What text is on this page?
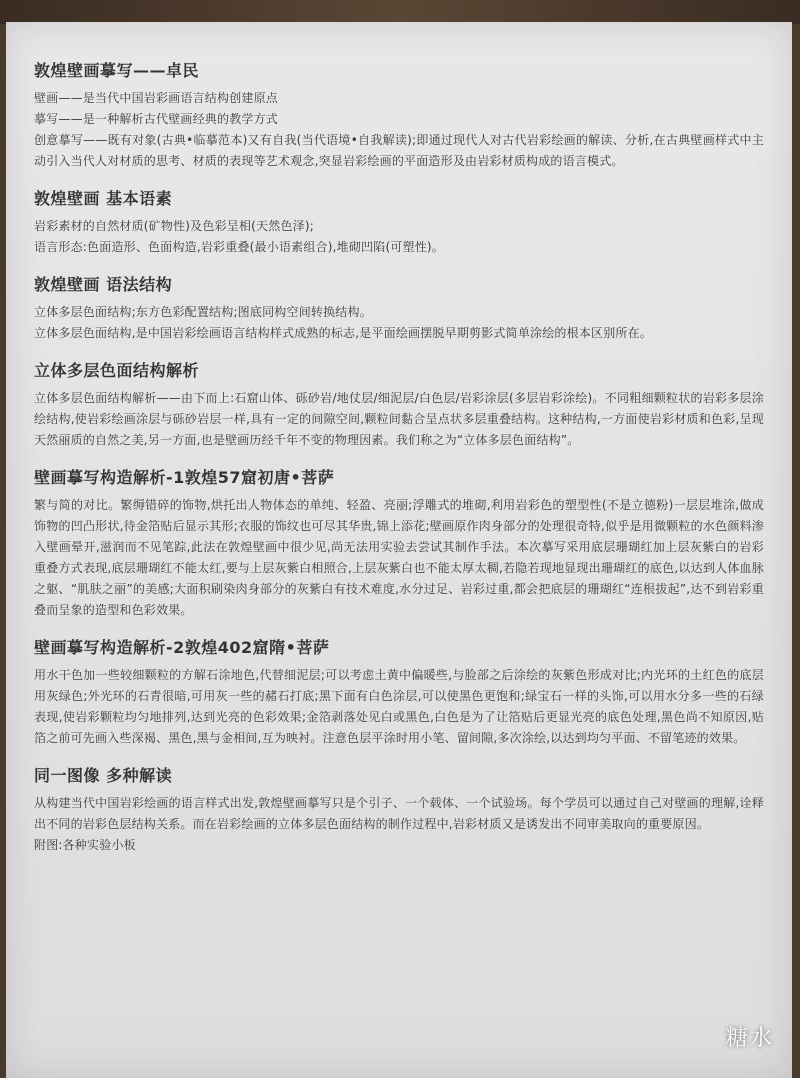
敦煌壁画摹写——卓民

壁画——是当代中国岩彩画语言结构创建原点

摹写——是一种解析古代壁画经典的教学方式

创意摹写——既有对象(古典•临摹范本)又有自我(当代语境•自我解读);即通过现代人对古代岩彩绘画的解读、分析,在古典壁画样式中主动引入当代人对材质的思考、材质的表现等艺术观念,突显岩彩绘画的平面造形及由岩彩材质构成的语言模式。

敦煌壁画 基本语素

岩彩素材的自然材质(矿物性)及色彩呈相(天然色泽);

语言形态:色面造形、色面构造,岩彩重叠(最小语素组合),堆砌凹陷(可塑性)。

敦煌壁画 语法结构

立体多层色面结构;东方色彩配置结构;图底同构空间转换结构。

立体多层色面结构,是中国岩彩绘画语言结构样式成熟的标志,是平面绘画摆脱早期剪影式简单涂绘的根本区别所在。

立体多层色面结构解析

立体多层色面结构解析——由下而上:石窟山体、砾砂岩/地仗层/细泥层/白色层/岩彩涂层(多层岩彩涂绘)。不同粗细颗粒状的岩彩多层涂绘结构,使岩彩绘画涂层与砾砂岩层一样,具有一定的间隙空间,颗粒间黏合呈点状多层重叠结构。这种结构,一方面使岩彩材质和色彩,呈现天然丽质的自然之美,另一方面,也是壁画历经千年不变的物理因素。我们称之为“立体多层色面结构”。

壁画摹写构造解析-1敦煌57窟初唐•菩萨

繁与简的对比。繁缛错碎的饰物,烘托出人物体态的单纯、轻盈、亮丽;浮雕式的堆砌,利用岩彩色的塑型性(不是立德粉)一层层堆涂,做成饰物的凹凸形状,待金箔贴后显示其形;衣服的饰纹也可尽其华贵,锦上添花;壁画原作肉身部分的处理很奇特,似乎是用微颗粒的水色颜料渗入壁画晕开,滋润而不见笔踪,此法在敦煌壁画中很少见,尚无法用实验去尝试其制作手法。本次摹写采用底层珊瑚红加上层灰紫白的岩彩重叠方式表现,底层珊瑚红不能太红,要与上层灰紫白相照合,上层灰紫白也不能太厚太稠,若隐若现地显现出珊瑚红的底色,以达到人体血脉之躯、“肌肤之丽”的美感;大面积刷染肉身部分的灰紫白有技术难度,水分过足、岩彩过重,都会把底层的珊瑚红“连根拔起”,达不到岩彩重叠而呈象的造型和色彩效果。

壁画摹写构造解析-2敦煌402窟隋•菩萨

用水干色加一些较细颗粒的方解石涂地色,代替细泥层;可以考虑土黄中偏暖些,与脸部之后涂绘的灰紫色形成对比;内光环的土红色的底层用灰绿色;外光环的石青很暗,可用灰一些的赭石打底;黑下面有白色涂层,可以使黑色更饱和;绿宝石一样的头饰,可以用水分多一些的石绿表现,使岩彩颗粒均匀地排列,达到光亮的色彩效果;金箔剥落处见白或黑色,白色是为了让箔贴后更显光亮的底色处理,黑色尚不知原因,贴箔之前可先画入些深褐、黑色,黑与金相间,互为映衬。注意色层平涂时用小笔、留间隙,多次涂绘,以达到均匀平面、不留笔迹的效果。

同一图像 多种解读

从构建当代中国岩彩绘画的语言样式出发,敦煌壁画摹写只是个引子、一个载体、一个试验场。每个学员可以通过自己对壁画的理解,诠释出不同的岩彩色层结构关系。而在岩彩绘画的立体多层色面结构的制作过程中,岩彩材质又是诱发出不同审美取向的重要原因。

附图:各种实验小板

糖水
